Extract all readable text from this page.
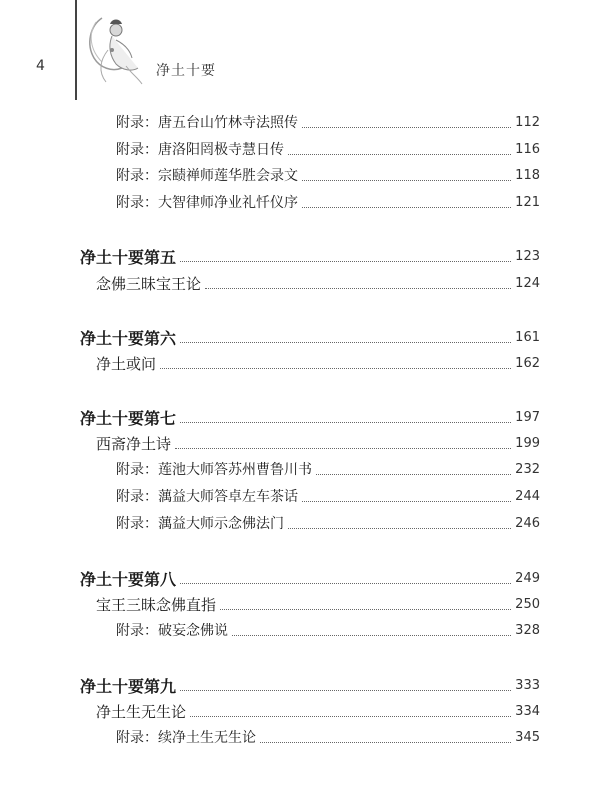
4	净土十要
附录：唐五台山竹林寺法照传	112
附录：唐洛阳罔极寺慧日传	116
附录：宗赜禅师莲华胜会录文	118
附录：大智律师净业礼忏仪序	121
净土十要第五	123
念佛三昧宝王论	124
净土十要第六	161
净土或问	162
净土十要第七	197
西斋净土诗	199
附录：莲池大师答苏州曹鲁川书	232
附录：蕅益大师答卓左车茶话	244
附录：蕅益大师示念佛法门	246
净土十要第八	249
宝王三昧念佛直指	250
附录：破妄念佛说	328
净土十要第九	333
净土生无生论	334
附录：续净土生无生论	345
